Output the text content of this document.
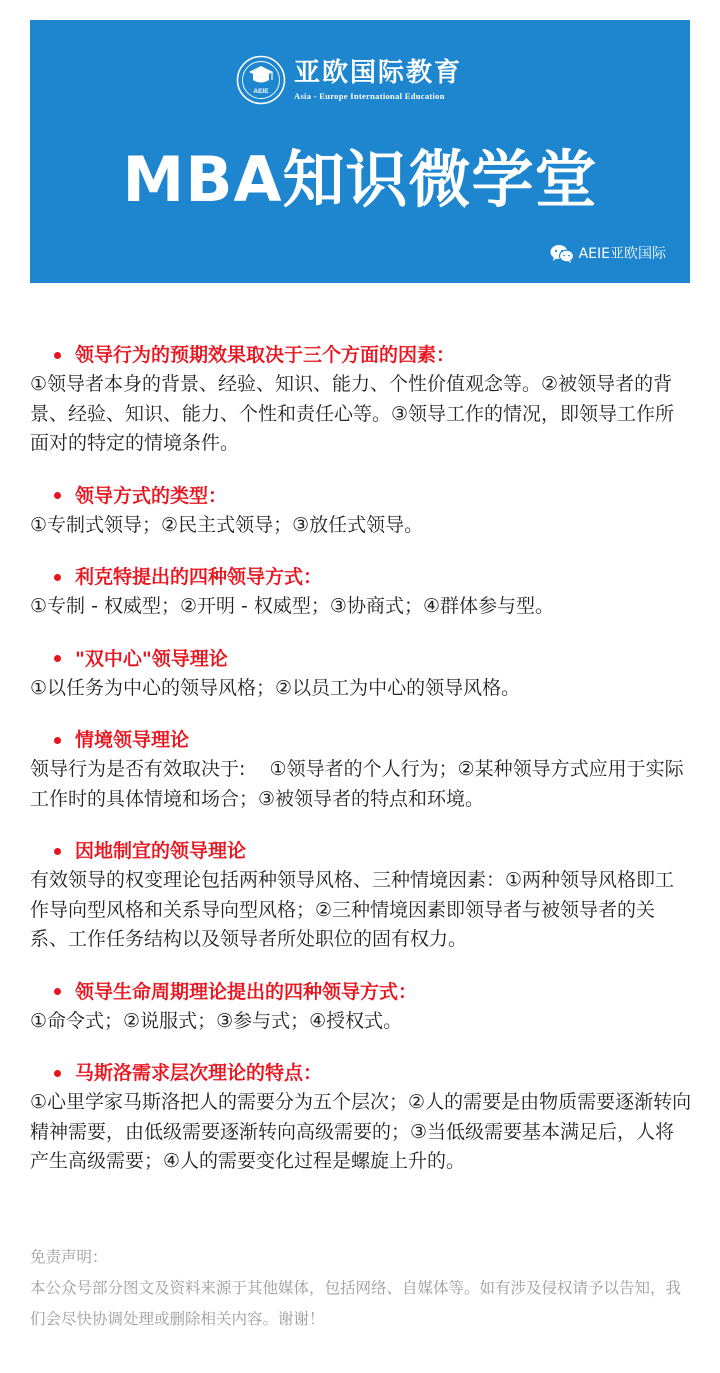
AEIE
亚欧国际教育
Asia - Europe International Education
MBA知识微学堂
AEIE亚欧国际
领导行为的预期效果取决于三个方面的因素：
①领导者本身的背景、经验、知识、能力、个性价值观念等。②被领导者的背景、经验、知识、能力、个性和责任心等。③领导工作的情况，即领导工作所面对的特定的情境条件。
领导方式的类型：
①专制式领导；②民主式领导；③放任式领导。
利克特提出的四种领导方式：
①专制 - 权威型；②开明 - 权威型；③协商式；④群体参与型。
"双中心"领导理论
①以任务为中心的领导风格；②以员工为中心的领导风格。
情境领导理论
领导行为是否有效取决于:    ①领导者的个人行为；②某种领导方式应用于实际工作时的具体情境和场合；③被领导者的特点和环境。
因地制宜的领导理论
有效领导的权变理论包括两种领导风格、三种情境因素：①两种领导风格即工作导向型风格和关系导向型风格；②三种情境因素即领导者与被领导者的关系、工作任务结构以及领导者所处职位的固有权力。
领导生命周期理论提出的四种领导方式：
①命令式；②说服式；③参与式；④授权式。
马斯洛需求层次理论的特点：
①心里学家马斯洛把人的需要分为五个层次；②人的需要是由物质需要逐渐转向精神需要，由低级需要逐渐转向高级需要的；③当低级需要基本满足后，人将产生高级需要；④人的需要变化过程是螺旋上升的。
免责声明：
本公众号部分图文及资料来源于其他媒体，包括网络、自媒体等。如有涉及侵权请予以告知，我们会尽快协调处理或删除相关内容。谢谢！
